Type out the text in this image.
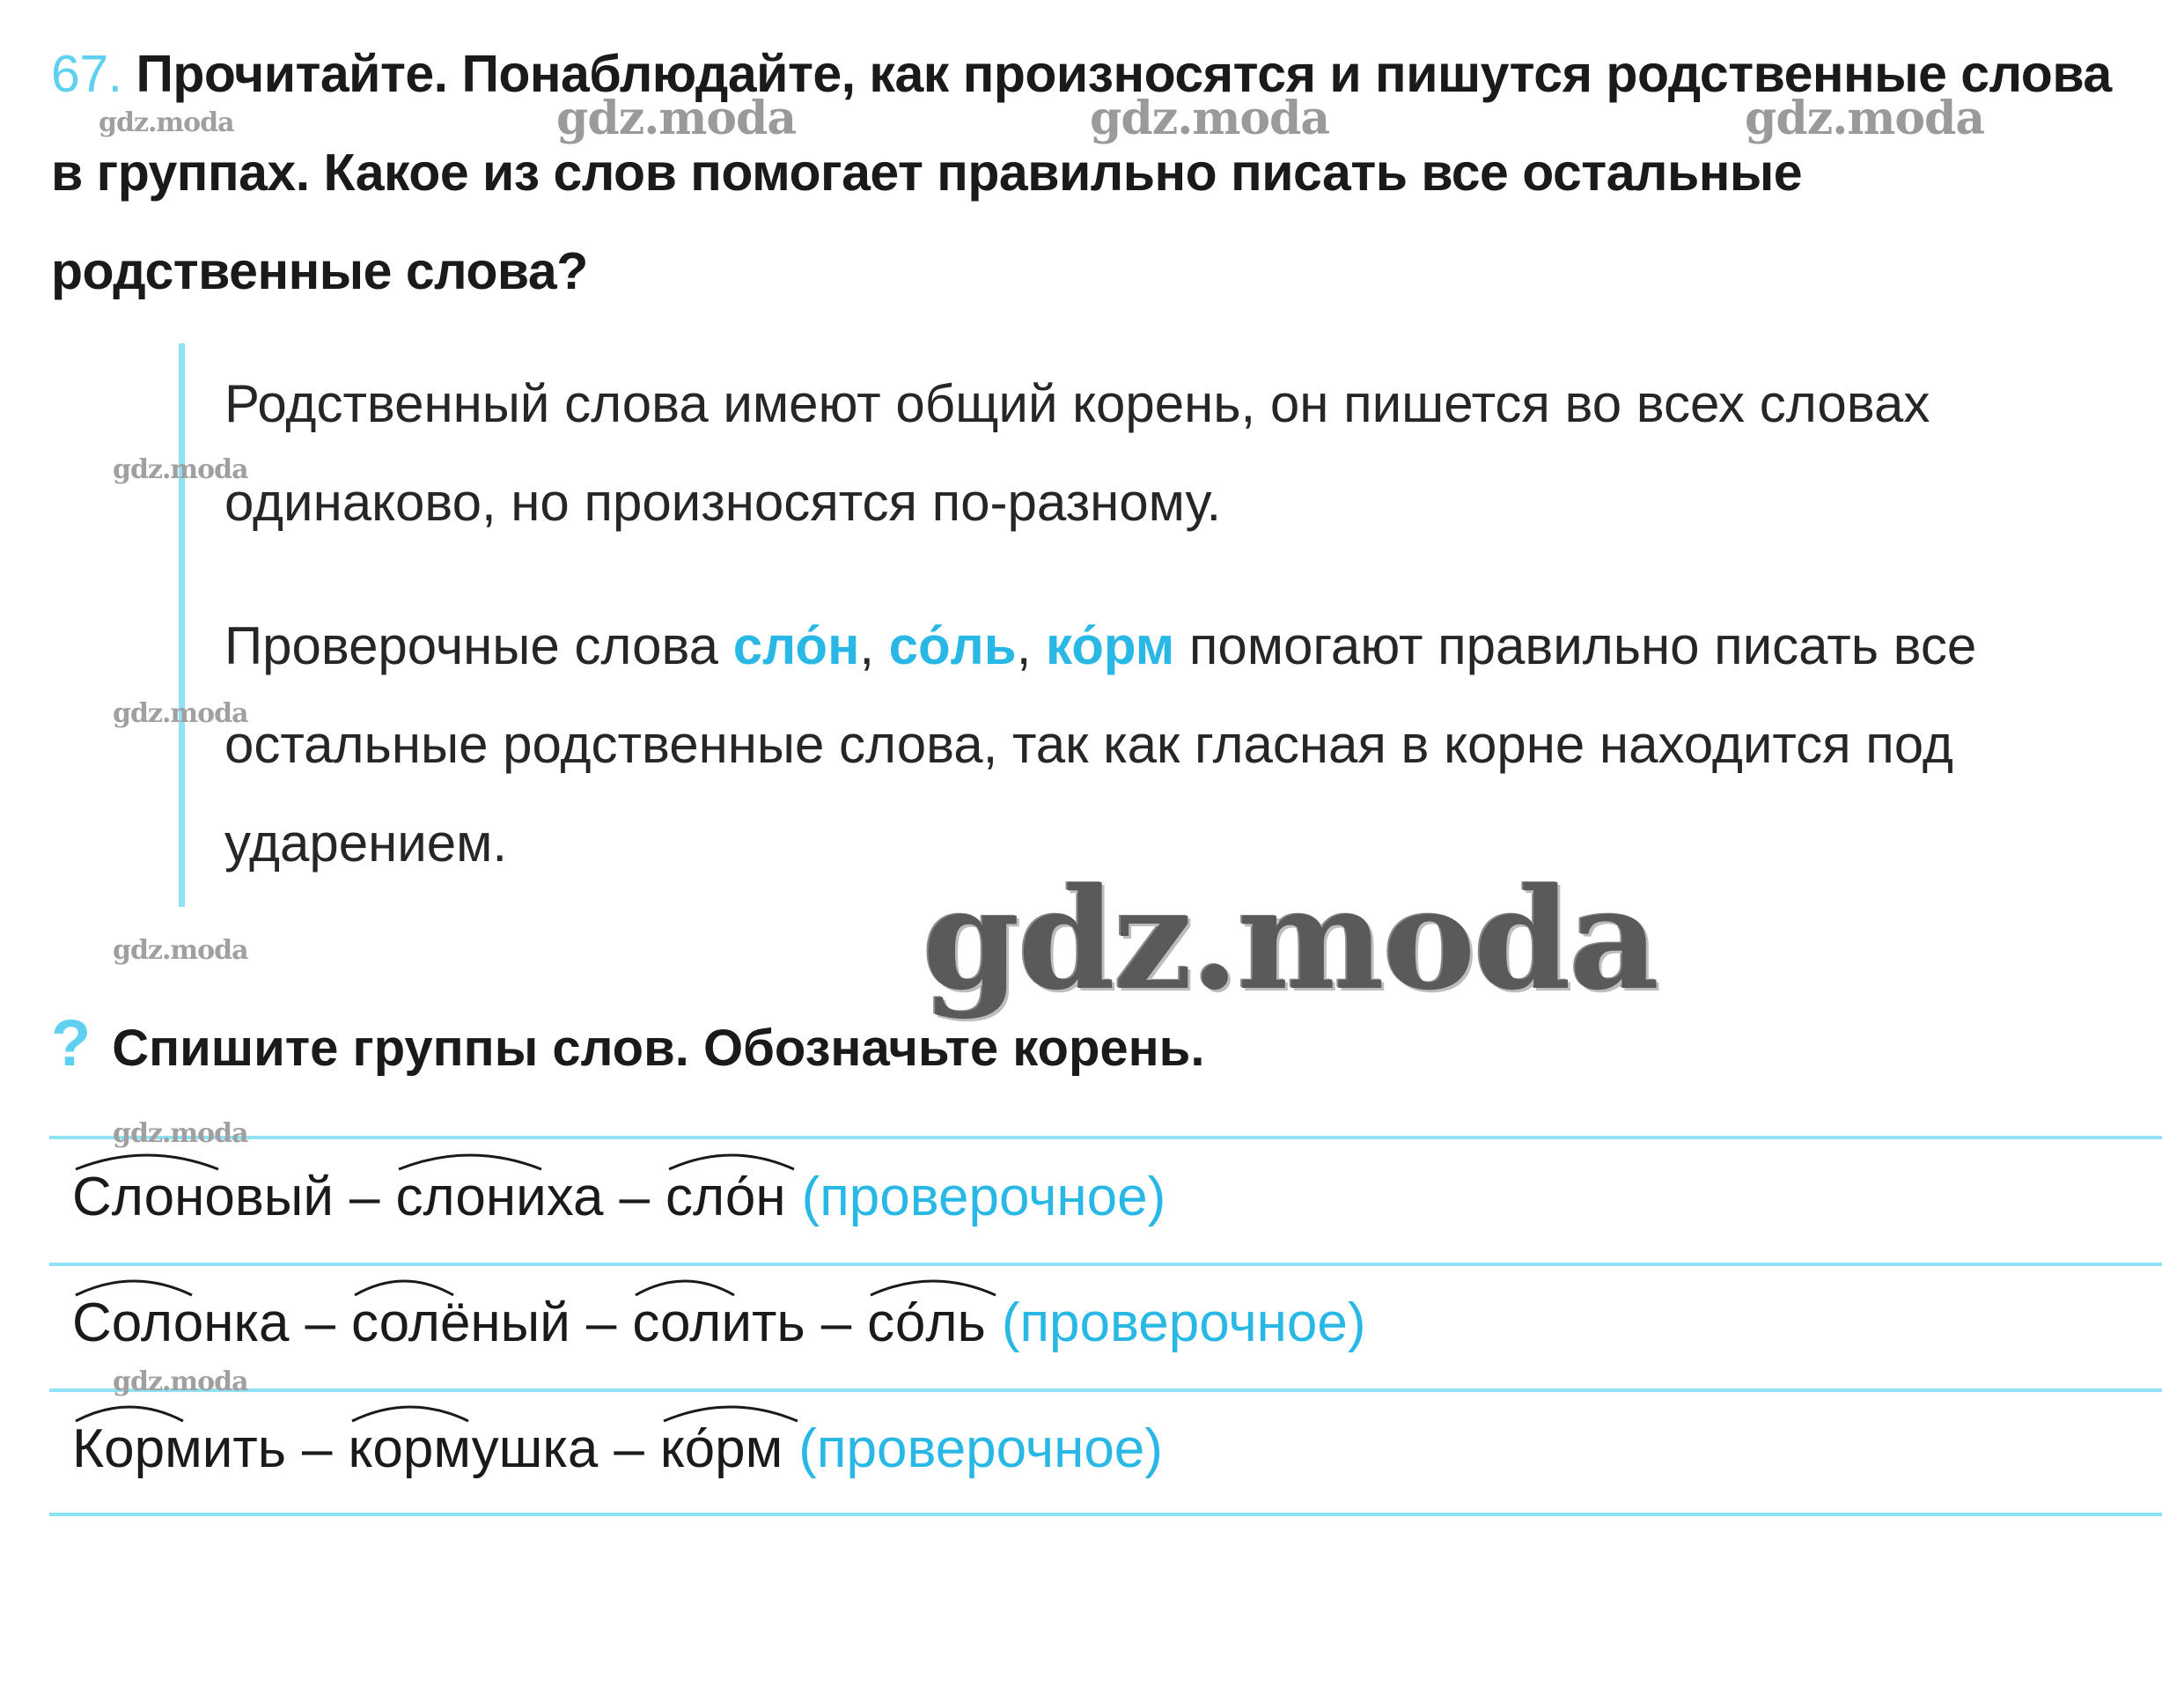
67. Прочитайте. Понаблюдайте, как произносятся и пишутся родственные слова в группах. Какое из слов помогает правильно писать все остальные родственные слова?
Родственный слова имеют общий корень, он пишется во всех словах одинаково, но произносятся по-разному.
Проверочные слова сло́н, со́ль, ко́рм помогают правильно писать все остальные родственные слова, так как гласная в корне находится под ударением.
? Спишите группы слов. Обозначьте корень.
Слоновый – слониха – сло́н (проверочное)
Солонка – солёный – солить – со́ль (проверочное)
Кормить – кормушка – ко́рм (проверочное)
gdz.moda	gdz.moda	gdz.moda	gdz.moda
gdz.moda
gdz.moda
gdz.moda
gdz.moda
gdz.moda
gdz.moda
